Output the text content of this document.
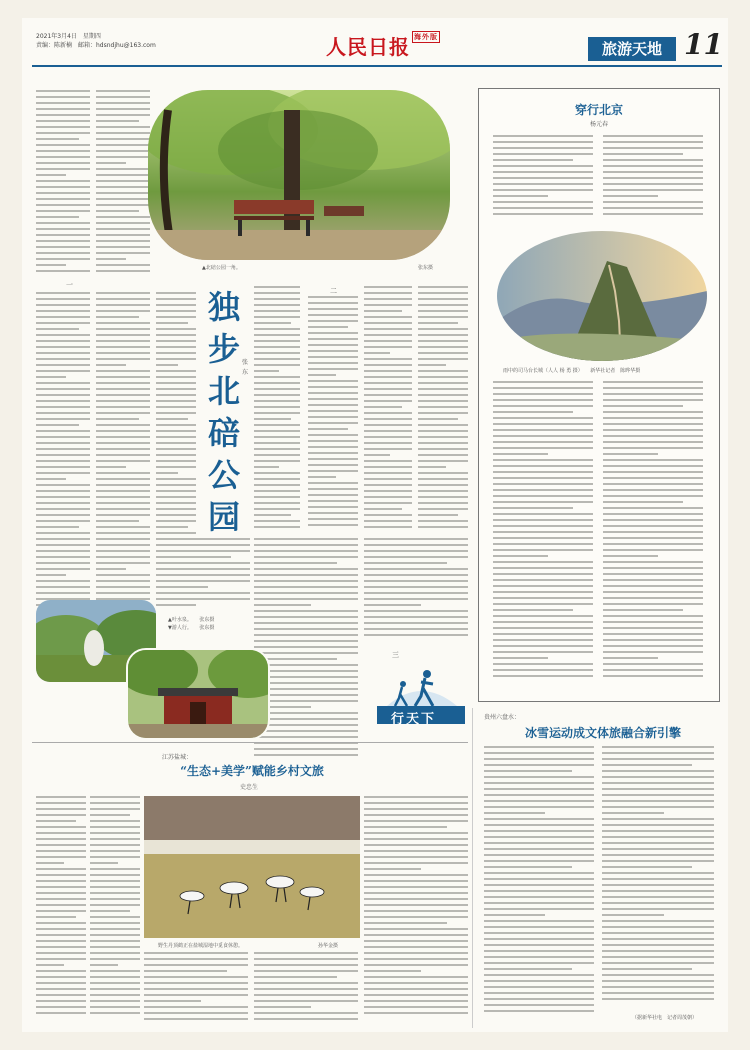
2021年3月4日　星期四
责编：陈新楠　邮箱：hdsndjhu@163.com	人民日报 海外版
旅游天地 11
▲北碚公园一角。	张东摄
一
独步北碚公园
张东
二
三
▲叶水泉。　　张东摄
▼游人行。　　张东摄
行天下
穿行北京
杨元春
雨中的司马台长城（人人 杨 勇 摄）　　新华社记者　陈晔华摄
江苏盐城：
“生态+美学”赋能乡村文旅
史忠生
野生丹顶鹤正在盐城湿地中觅食休憩。	孙华金摄
贵州六盘水：
冰雪运动成文体旅融合新引擎
（据新华社电　记者周茂朝）
